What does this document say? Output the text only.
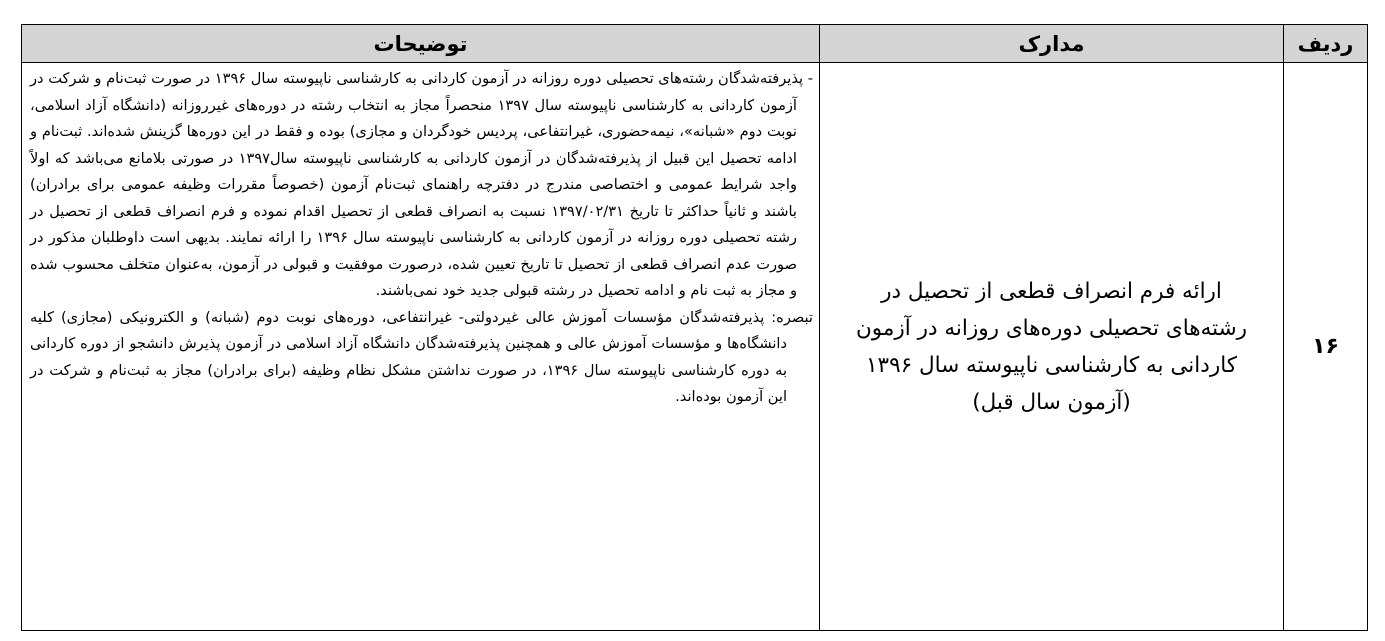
ردیف
مدارک
توضیحات
۱۶
ارائه فرم انصراف قطعی از تحصیل در رشته‌های تحصیلی دوره‌های روزانه در آزمون کاردانی به کارشناسی ناپیوسته سال ۱۳۹۶ (آزمون سال قبل)

- پذیرفته‌شدگان رشته‌های تحصیلی دوره روزانه در آزمون کاردانی به کارشناسی ناپیوسته سال ۱۳۹۶ در صورت ثبت‌نام و شرکت در آزمون کاردانی به کارشناسی ناپیوسته سال ۱۳۹۷ منحصراً مجاز به انتخاب رشته در دوره‌های غیرروزانه (دانشگاه آزاد اسلامی، نوبت دوم «شبانه»، نیمه‌حضوری، غیرانتفاعی، پردیس خودگردان و مجازی) بوده و فقط در این دوره‌ها گزینش شده‌اند. ثبت‌نام و ادامه تحصیل این قبیل از پذیرفته‌شدگان در آزمون کاردانی به کارشناسی ناپیوسته سال۱۳۹۷ در صورتی بلامانع می‌باشد که اولاً واجد شرایط عمومی و اختصاصی مندرج در دفترچه راهنمای ثبت‌نام آزمون (خصوصاً مقررات وظیفه عمومی برای برادران) باشند و ثانیاً حداکثر تا تاریخ ۱۳۹۷/۰۲/۳۱ نسبت به انصراف قطعی از تحصیل اقدام نموده و فرم انصراف قطعی از تحصیل در رشته تحصیلی دوره روزانه در آزمون کاردانی به کارشناسی ناپیوسته سال ۱۳۹۶ را ارائه نمایند. بدیهی است داوطلبان مذکور در صورت عدم انصراف قطعی از تحصیل تا تاریخ تعیین شده، درصورت موفقیت و قبولی در آزمون، به‌عنوان متخلف محسوب شده و مجاز به ثبت نام و ادامه تحصیل در رشته قبولی جدید خود نمی‌باشند.

تبصره: پذیرفته‌شدگان مؤسسات آموزش عالی غیردولتی- غیرانتفاعی، دوره‌های نوبت دوم (شبانه) و الکترونیکی (مجازی) کلیه دانشگاه‌ها و مؤسسات آموزش عالی و همچنین پذیرفته‌شدگان دانشگاه آزاد اسلامی در آزمون پذیرش دانشجو از دوره کاردانی به دوره کارشناسی ناپیوسته سال ۱۳۹۶، در صورت نداشتن مشکل نظام وظیفه (برای برادران) مجاز به ثبت‌نام و شرکت در این آزمون بوده‌اند.
